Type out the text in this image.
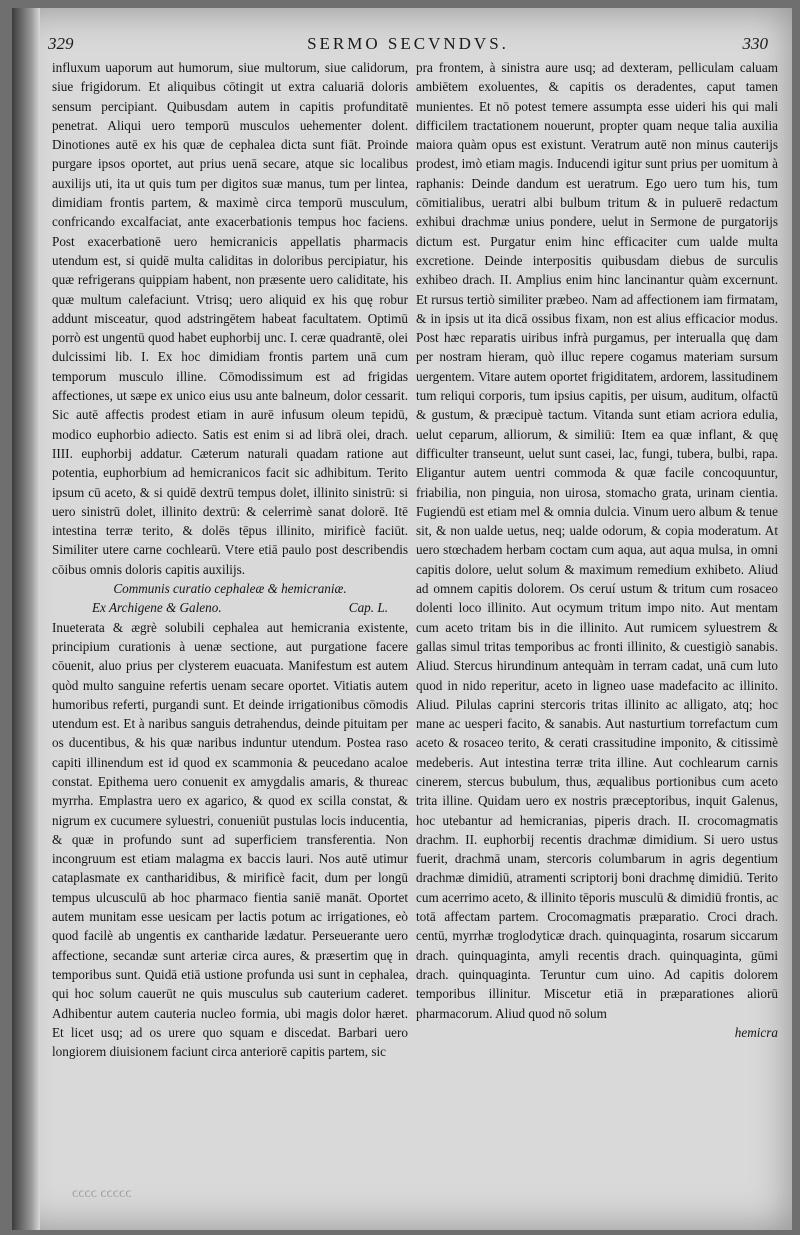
329	SERMO SECVNDVS.	330

influxum uaporum aut humorum, siue multorum, siue calidorum, siue frigidorum. Et aliquibus cōtingit ut extra caluariā doloris sensum percipiant. Quibusdam autem in capitis profunditatē penetrat. Aliqui uero temporū musculos uehementer dolent. Dinotiones autē ex his quæ de cephalea dicta sunt fiāt. Proinde purgare ipsos oportet, aut prius uenā secare, atque sic localibus auxilijs uti, ita ut quis tum per digitos suæ manus, tum per lintea, dimidiam frontis partem, & maximè circa temporū musculum, confricando excalfaciat, ante exacerbationis tempus hoc faciens. Post exacerbationē uero hemicranicis appellatis pharmacis utendum est, si quidē multa caliditas in doloribus percipiatur, his quæ refrigerans quippiam habent, non præsente uero caliditate, his quæ multum calefaciunt. Vtrisq; uero aliquid ex his quę robur addunt misceatur, quod adstringētem habeat facultatem. Optimū porrò est ungentū quod habet euphorbij unc. I. ceræ quadrantē, olei dulcissimi lib. I. Ex hoc dimidiam frontis partem unā cum temporum musculo illine. Cōmodissimum est ad frigidas affectiones, ut sæpe ex unico eius usu ante balneum, dolor cessarit. Sic autē affectis prodest etiam in aurē infusum oleum tepidū, modico euphorbio adiecto. Satis est enim si ad librā olei, drach. IIII. euphorbij addatur. Cæterum naturali quadam ratione aut potentia, euphorbium ad hemicranicos facit sic adhibitum. Terito ipsum cū aceto, & si quidē dextrū tempus dolet, illinito sinistrū: si uero sinistrū dolet, illinito dextrū: & celerrimè sanat dolorē. Itē intestina terræ terito, & dolēs tēpus illinito, mirificè faciūt. Similiter utere carne cochlearū. Vtere etiā paulo post describendis cōibus omnis doloris capitis auxilijs.

Communis curatio cephaleæ & hemicraniæ.

Ex Archigene & Galeno.	Cap. L.

Inueterata & ægrè solubili cephalea aut hemicrania existente, principium curationis à uenæ sectione, aut purgatione facere cōuenit, aluo prius per clysterem euacuata. Manifestum est autem quòd multo sanguine refertis uenam secare oportet. Vitiatis autem humoribus referti, purgandi sunt. Et deinde irrigationibus cōmodis utendum est. Et à naribus sanguis detrahendus, deinde pituitam per os ducentibus, & his quæ naribus induntur utendum. Postea raso capiti illinendum est id quod ex scammonia & peucedano acaloe constat. Epithema uero conuenit ex amygdalis amaris, & thureac myrrha. Emplastra uero ex agarico, & quod ex scilla constat, & nigrum ex cucumere syluestri, conueniūt pustulas locis inducentia, & quæ in profundo sunt ad superficiem transferentia. Non incongruum est etiam malagma ex baccis lauri. Nos autē utimur cataplasmate ex cantharidibus, & mirificè facit, dum per longū tempus ulcusculū ab hoc pharmaco fientia saniē manāt. Oportet autem munitam esse uesicam per lactis potum ac irrigationes, eò quod facilè ab ungentis ex cantharide lædatur. Perseuerante uero affectione, secandæ sunt arteriæ circa aures, & præsertim quę in temporibus sunt. Quidā etiā ustione profunda usi sunt in cephalea, qui hoc solum cauerūt ne quis musculus sub cauterium caderet. Adhibentur autem cauteria nucleo formia, ubi magis dolor hæret. Et licet usq; ad os urere quo squam e discedat. Barbari uero longiorem diuisionem faciunt circa anteriorē capitis partem, sic

pra frontem, à sinistra aure usq; ad dexteram, pelliculam caluam ambiētem exoluentes, & capitis os deradentes, caput tamen munientes. Et nō potest temere assumpta esse uideri his qui mali difficilem tractationem nouerunt, propter quam neque talia auxilia maiora quàm opus est existunt. Veratrum autē non minus cauterijs prodest, imò etiam magis. Inducendi igitur sunt prius per uomitum à raphanis: Deinde dandum est ueratrum. Ego uero tum his, tum cōmitialibus, ueratri albi bulbum tritum & in puluerē redactum exhibui drachmæ unius pondere, uelut in Sermone de purgatorijs dictum est. Purgatur enim hinc efficaciter cum ualde multa excretione. Deinde interpositis quibusdam diebus de surculis exhibeo drach. II. Amplius enim hinc lancinantur quàm excernunt. Et rursus tertiò similiter præbeo. Nam ad affectionem iam firmatam, & in ipsis ut ita dicā ossibus fixam, non est alius efficacior modus. Post hæc reparatis uiribus infrà purgamus, per interualla quę dam per nostram hieram, quò illuc repere cogamus materiam sursum uergentem. Vitare autem oportet frigiditatem, ardorem, lassitudinem tum reliqui corporis, tum ipsius capitis, per uisum, auditum, olfactū & gustum, & præcipuè tactum. Vitanda sunt etiam acriora edulia, uelut ceparum, alliorum, & similiū: Item ea quæ inflant, & quę difficulter transeunt, uelut sunt casei, lac, fungi, tubera, bulbi, rapa. Eligantur autem uentri commoda & quæ facile concoquuntur, friabilia, non pinguia, non uirosa, stomacho grata, urinam cientia. Fugiendū est etiam mel & omnia dulcia. Vinum uero album & tenue sit, & non ualde uetus, neq; ualde odorum, & copia moderatum. At uero stœchadem herbam coctam cum aqua, aut aqua mulsa, in omni capitis dolore, uelut solum & maximum remedium exhibeto. Aliud ad omnem capitis dolorem. Os ceruí ustum & tritum cum rosaceo dolenti loco illinito. Aut ocymum tritum impo nito. Aut mentam cum aceto tritam bis in die illinito. Aut rumicem syluestrem & gallas simul tritas temporibus ac fronti illinito, & cuestigiò sanabis. Aliud. Stercus hirundinum antequàm in terram cadat, unā cum luto quod in nido reperitur, aceto in ligneo uase madefacito ac illinito. Aliud. Pilulas caprini stercoris tritas illinito ac alligato, atq; hoc mane ac uesperi facito, & sanabis. Aut nasturtium torrefactum cum aceto & rosaceo terito, & cerati crassitudine imponito, & citissimè medeberis. Aut intestina terræ trita illine. Aut cochlearum carnis cinerem, stercus bubulum, thus, æqualibus portionibus cum aceto trita illine. Quidam uero ex nostris præceptoribus, inquit Galenus, hoc utebantur ad hemicranias, piperis drach. II. crocomagmatis drachm. II. euphorbij recentis drachmæ dimidium. Si uero ustus fuerit, drachmā unam, stercoris columbarum in agris degentium drachmæ dimidiū, atramenti scriptorij boni drachmę dimidiū. Terito cum acerrimo aceto, & illinito tēporis musculū & dimidiū frontis, ac totā affectam partem. Crocomagmatis præparatio. Croci drach. centū, myrrhæ troglodyticæ drach. quinquaginta, rosarum siccarum drach. quinquaginta, amyli recentis drach. quinquaginta, gūmi drach. quinquaginta. Teruntur cum uino. Ad capitis dolorem temporibus illinitur. Miscetur etiā in præparationes aliorū pharmacorum. Aliud quod nō solum

hemicra

ɔɔɔɔɔ ɔɔɔɔ
